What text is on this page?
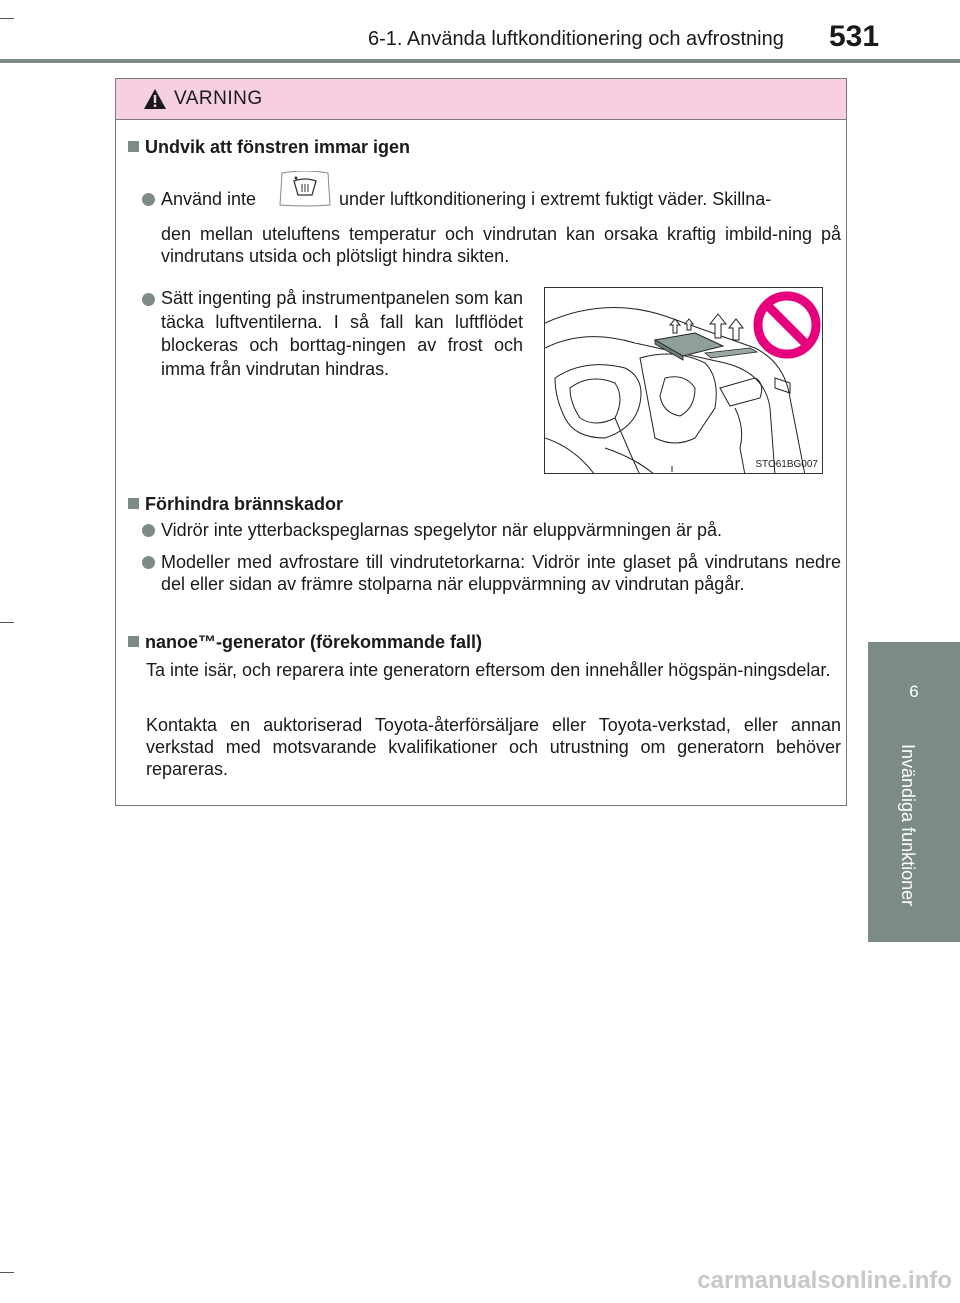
6-1. Använda luftkonditionering och avfrostning 531
6
Invändiga funktioner
VARNING
Undvik att fönstren immar igen
Använd inte	under luftkonditionering i extremt fuktigt väder. Skillna-
den mellan uteluftens temperatur och vindrutan kan orsaka kraftig imbild-ning på vindrutans utsida och plötsligt hindra sikten.
Sätt ingenting på instrumentpanelen som kan täcka luftventilerna. I så fall kan luftflödet blockeras och borttag-ningen av frost och imma från vindrutan hindras.
Förhindra brännskador
Vidrör inte ytterbackspeglarnas spegelytor när eluppvärmningen är på.
Modeller med avfrostare till vindrutetorkarna: Vidrör inte glaset på vindrutans nedre del eller sidan av främre stolparna när eluppvärmning av vindrutan pågår.
nanoe™-generator (förekommande fall)
Ta inte isär, och reparera inte generatorn eftersom den innehåller högspän-ningsdelar.
Kontakta en auktoriserad Toyota-återförsäljare eller Toyota-verkstad, eller annan verkstad med motsvarande kvalifikationer och utrustning om generatorn behöver repareras.
STO61BG007
carmanualsonline.info
